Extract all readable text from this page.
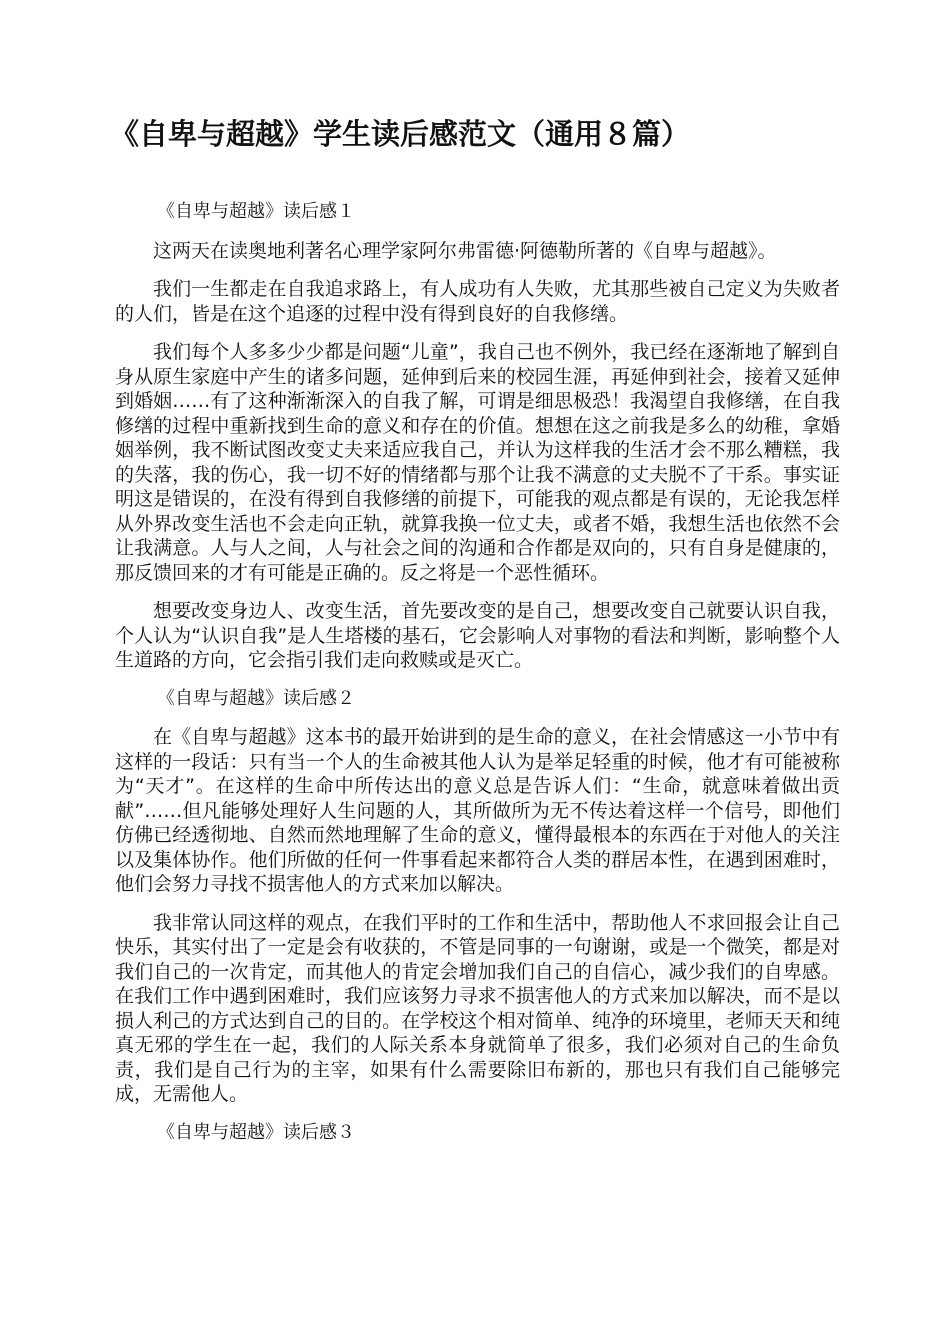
《自卑与超越》学生读后感范文（通用８篇）

《自卑与超越》读后感１

这两天在读奥地利著名心理学家阿尔弗雷德·阿德勒所著的《自卑与超越》。

我们一生都走在自我追求路上，有人成功有人失败，尤其那些被自己定义为失败者的人们，皆是在这个追逐的过程中没有得到良好的自我修缮。

我们每个人多多少少都是问题“儿童”，我自己也不例外，我已经在逐渐地了解到自身从原生家庭中产生的诸多问题，延伸到后来的校园生涯，再延伸到社会，接着又延伸到婚姻……有了这种渐渐深入的自我了解，可谓是细思极恐！我渴望自我修缮，在自我修缮的过程中重新找到生命的意义和存在的价值。想想在这之前我是多么的幼稚，拿婚姻举例，我不断试图改变丈夫来适应我自己，并认为这样我的生活才会不那么糟糕，我的失落，我的伤心，我一切不好的情绪都与那个让我不满意的丈夫脱不了干系。事实证明这是错误的，在没有得到自我修缮的前提下，可能我的观点都是有误的，无论我怎样从外界改变生活也不会走向正轨，就算我换一位丈夫，或者不婚，我想生活也依然不会让我满意。人与人之间，人与社会之间的沟通和合作都是双向的，只有自身是健康的，那反馈回来的才有可能是正确的。反之将是一个恶性循环。

想要改变身边人、改变生活，首先要改变的是自己，想要改变自己就要认识自我，个人认为“认识自我”是人生塔楼的基石，它会影响人对事物的看法和判断，影响整个人生道路的方向，它会指引我们走向救赎或是灭亡。

《自卑与超越》读后感２

在《自卑与超越》这本书的最开始讲到的是生命的意义，在社会情感这一小节中有这样的一段话：只有当一个人的生命被其他人认为是举足轻重的时候，他才有可能被称为“天才”。在这样的生命中所传达出的意义总是告诉人们：“生命，就意味着做出贡献”……但凡能够处理好人生问题的人，其所做所为无不传达着这样一个信号，即他们仿佛已经透彻地、自然而然地理解了生命的意义，懂得最根本的东西在于对他人的关注以及集体协作。他们所做的任何一件事看起来都符合人类的群居本性，在遇到困难时，他们会努力寻找不损害他人的方式来加以解决。

我非常认同这样的观点，在我们平时的工作和生活中，帮助他人不求回报会让自己快乐，其实付出了一定是会有收获的，不管是同事的一句谢谢，或是一个微笑，都是对我们自己的一次肯定，而其他人的肯定会增加我们自己的自信心，减少我们的自卑感。在我们工作中遇到困难时，我们应该努力寻求不损害他人的方式来加以解决，而不是以损人利己的方式达到自己的目的。在学校这个相对简单、纯净的环境里，老师天天和纯真无邪的学生在一起，我们的人际关系本身就简单了很多，我们必须对自己的生命负责，我们是自己行为的主宰，如果有什么需要除旧布新的，那也只有我们自己能够完成，无需他人。

《自卑与超越》读后感３
